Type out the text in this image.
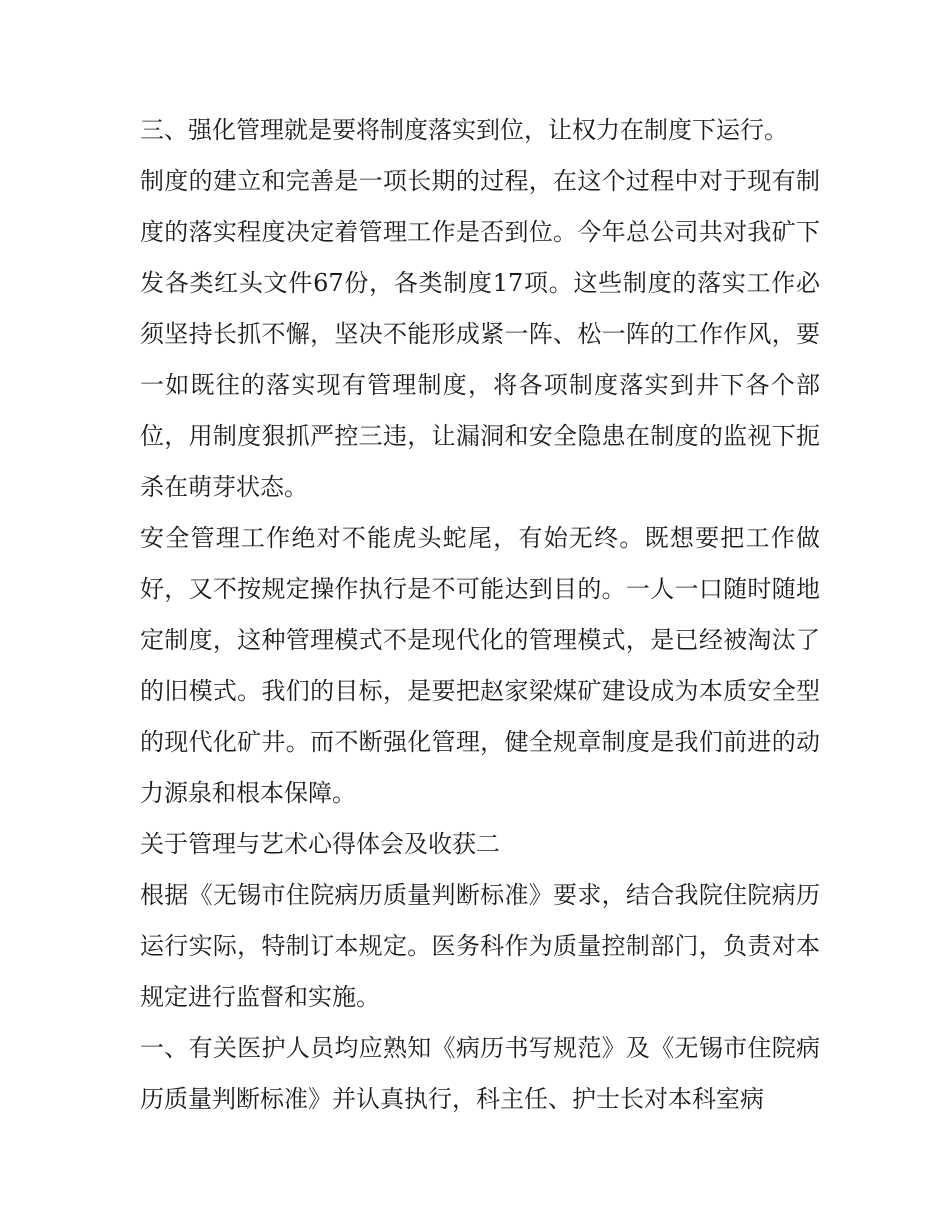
三、强化管理就是要将制度落实到位，让权力在制度下运行。

制度的建立和完善是一项长期的过程，在这个过程中对于现有制度的落实程度决定着管理工作是否到位。今年总公司共对我矿下发各类红头文件67份，各类制度17项。这些制度的落实工作必须坚持长抓不懈，坚决不能形成紧一阵、松一阵的工作作风，要一如既往的落实现有管理制度，将各项制度落实到井下各个部位，用制度狠抓严控三违，让漏洞和安全隐患在制度的监视下扼杀在萌芽状态。

安全管理工作绝对不能虎头蛇尾，有始无终。既想要把工作做好，又不按规定操作执行是不可能达到目的。一人一口随时随地定制度，这种管理模式不是现代化的管理模式，是已经被淘汰了的旧模式。我们的目标，是要把赵家梁煤矿建设成为本质安全型的现代化矿井。而不断强化管理，健全规章制度是我们前进的动力源泉和根本保障。

关于管理与艺术心得体会及收获二

根据《无锡市住院病历质量判断标准》要求，结合我院住院病历运行实际，特制订本规定。医务科作为质量控制部门，负责对本规定进行监督和实施。

一、有关医护人员均应熟知《病历书写规范》及《无锡市住院病历质量判断标准》并认真执行，科主任、护士长对本科室病
